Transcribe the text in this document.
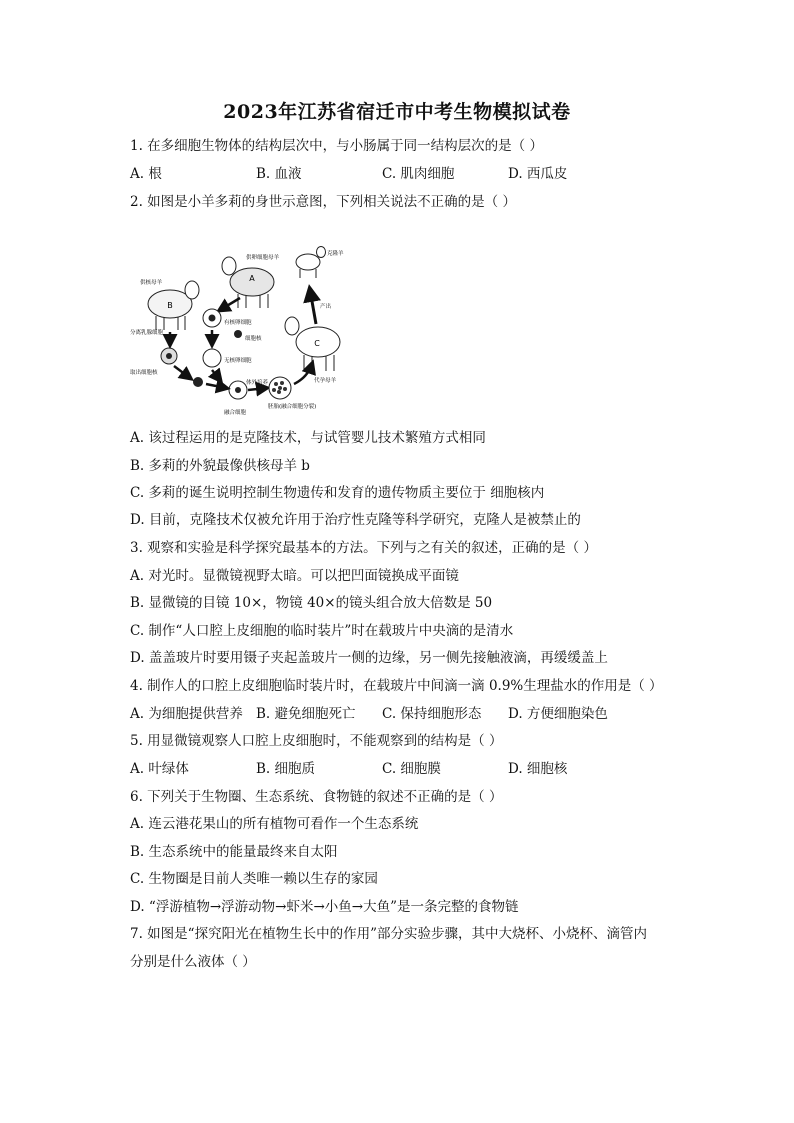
2023年江苏省宿迁市中考生物模拟试卷
1. 在多细胞生物体的结构层次中，与小肠属于同一结构层次的是（ ）
A. 根	B. 血液	C. 肌肉细胞	D. 西瓜皮
2. 如图是小羊多莉的身世示意图，下列相关说法不正确的是（ ）
B
供核母羊	A
供卵细胞母羊
克隆羊
C
代孕母羊
产出
分离乳腺细胞
取出细胞核
有核卵细胞
细胞核
无核卵细胞
融合细胞
体外培养
胚胎(融合细胞分裂)
A. 该过程运用的是克隆技术，与试管婴儿技术繁殖方式相同
B. 多莉的外貌最像供核母羊 b
C. 多莉的诞生说明控制生物遗传和发育的遗传物质主要位于 细胞核内
D. 目前，克隆技术仅被允许用于治疗性克隆等科学研究，克隆人是被禁止的
3. 观察和实验是科学探究最基本的方法。下列与之有关的叙述，正确的是（ ）
A. 对光时。显微镜视野太暗。可以把凹面镜换成平面镜
B. 显微镜的目镜 10×，物镜 40×的镜头组合放大倍数是 50
C. 制作“人口腔上皮细胞的临时装片”时在载玻片中央滴的是清水
D. 盖盖玻片时要用镊子夹起盖玻片一侧的边缘，另一侧先接触液滴，再缓缓盖上
4. 制作人的口腔上皮细胞临时装片时，在载玻片中间滴一滴 0.9%生理盐水的作用是（ ）
A. 为细胞提供营养 B. 避免细胞死亡 C. 保持细胞形态 D. 方便细胞染色
5. 用显微镜观察人口腔上皮细胞时，不能观察到的结构是（ ）
A. 叶绿体	B. 细胞质	C. 细胞膜	D. 细胞核
6. 下列关于生物圈、生态系统、食物链的叙述不正确的是（ ）
A. 连云港花果山的所有植物可看作一个生态系统
B. 生态系统中的能量最终来自太阳
C. 生物圈是目前人类唯一赖以生存的家园
D. “浮游植物→浮游动物→虾米→小鱼→大鱼”是一条完整的食物链
7. 如图是“探究阳光在植物生长中的作用”部分实验步骤，其中大烧杯、小烧杯、滴管内
分别是什么液体（ ）
